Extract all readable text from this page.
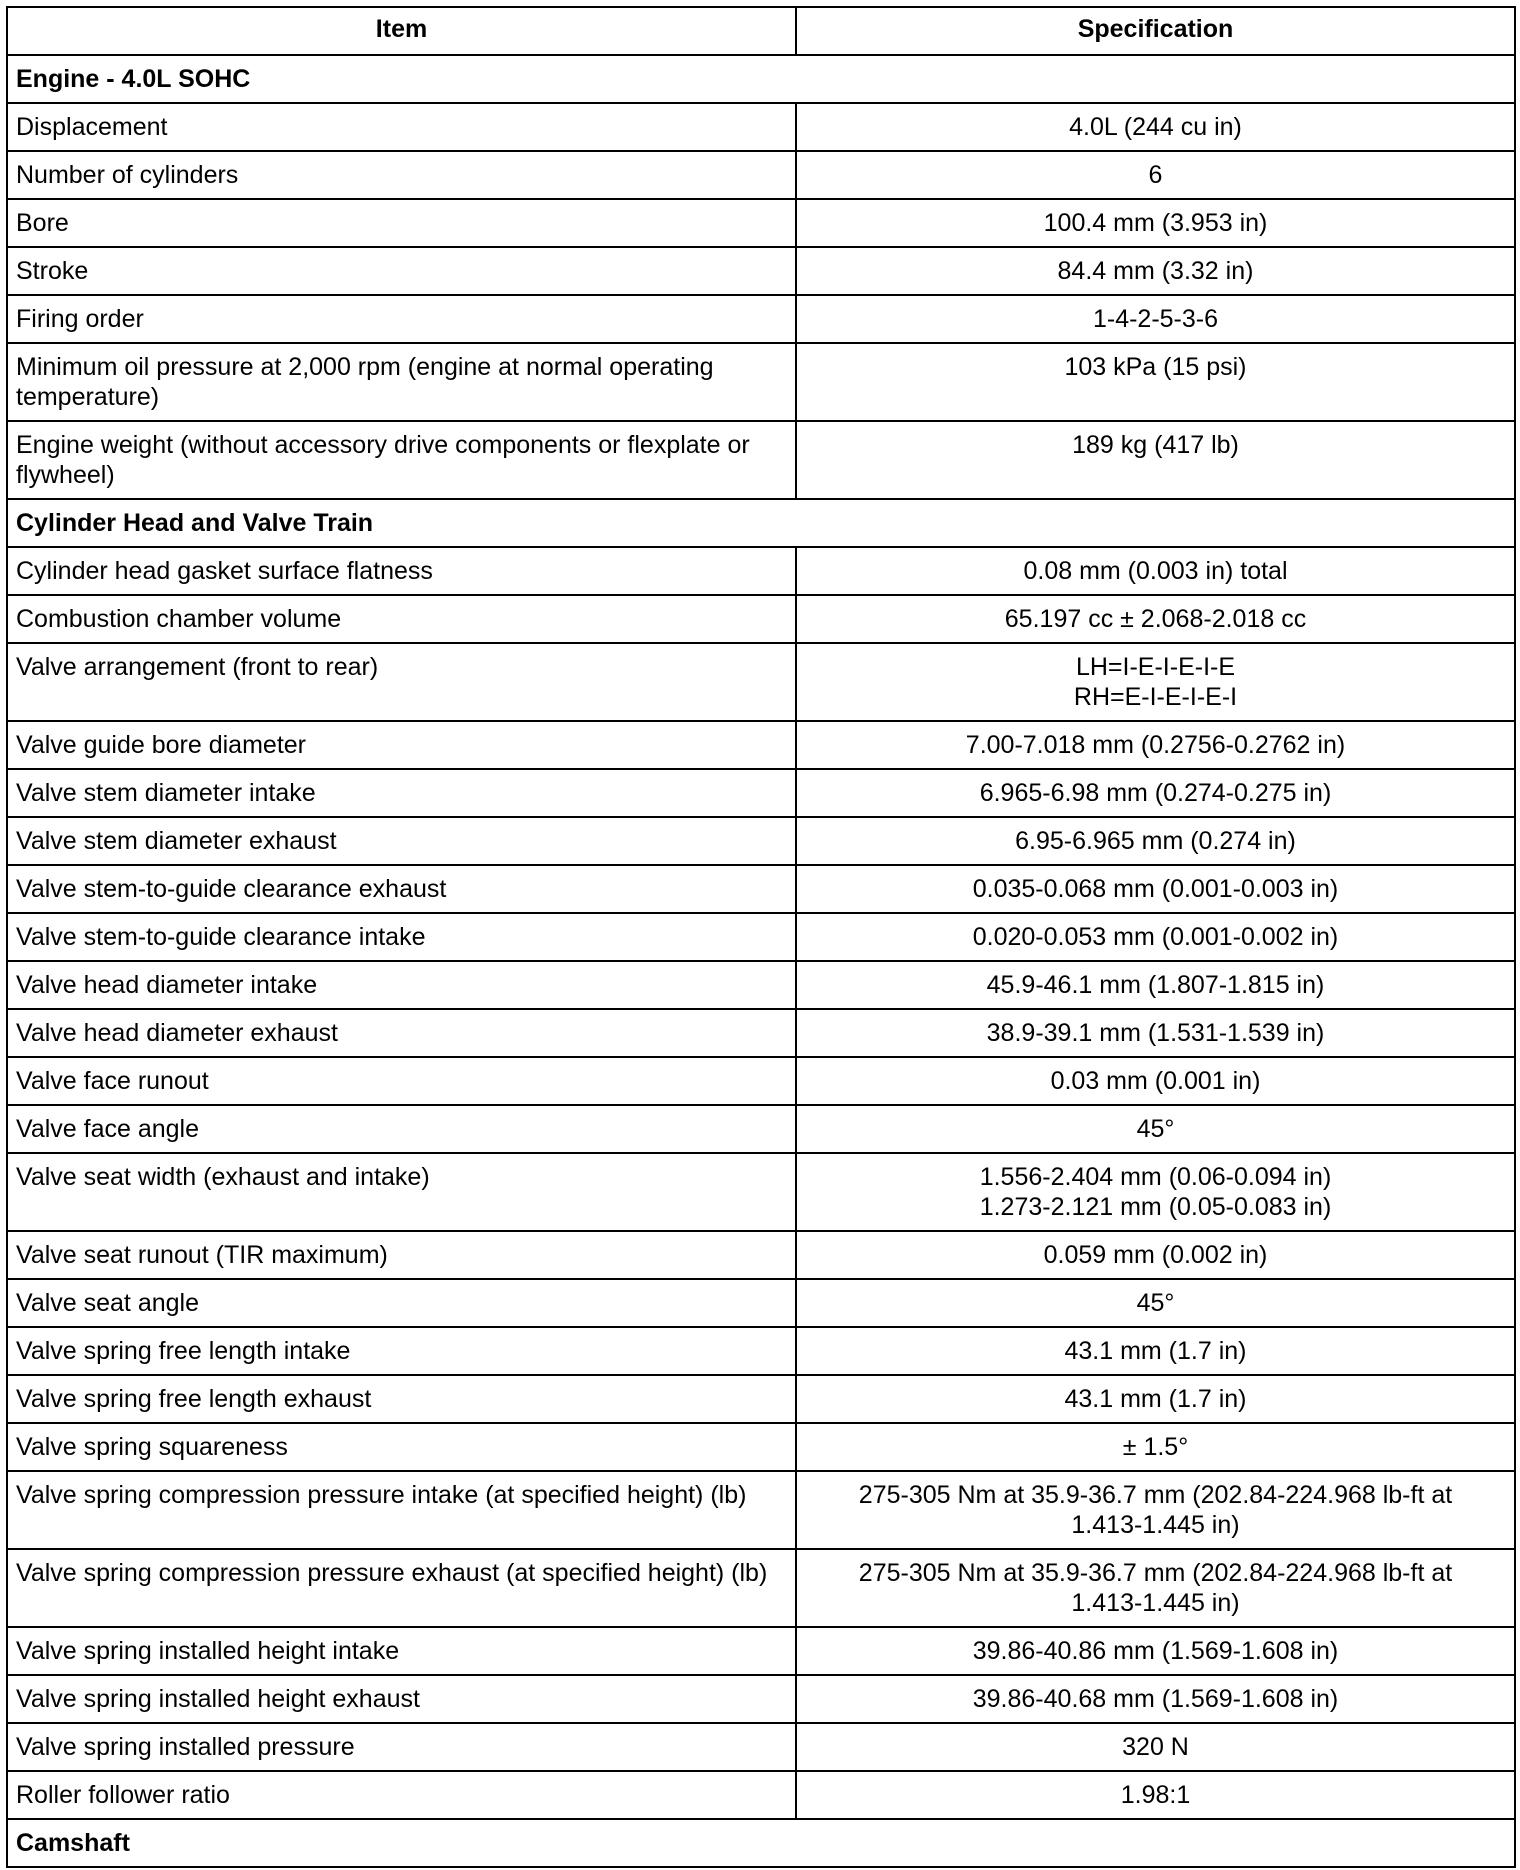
Item	Specification
Engine - 4.0L SOHC	
Displacement	4.0L (244 cu in)

Number of cylinders	6

Bore	100.4 mm (3.953 in)

Stroke	84.4 mm (3.32 in)

Firing order	1-4-2-5-3-6

Minimum oil pressure at 2,000 rpm (engine at normal operating temperature)	103 kPa (15 psi)

Engine weight (without accessory drive components or flexplate or flywheel)	189 kg (417 lb)

Cylinder Head and Valve Train	
Cylinder head gasket surface flatness	0.08 mm (0.003 in) total

Combustion chamber volume	65.197 cc ± 2.068-2.018 cc

Valve arrangement (front to rear)	LH=I-E-I-E-I-E
RH=E-I-E-I-E-I

Valve guide bore diameter	7.00-7.018 mm (0.2756-0.2762 in)

Valve stem diameter intake	6.965-6.98 mm (0.274-0.275 in)

Valve stem diameter exhaust	6.95-6.965 mm (0.274 in)

Valve stem-to-guide clearance exhaust	0.035-0.068 mm (0.001-0.003 in)

Valve stem-to-guide clearance intake	0.020-0.053 mm (0.001-0.002 in)

Valve head diameter intake	45.9-46.1 mm (1.807-1.815 in)

Valve head diameter exhaust	38.9-39.1 mm (1.531-1.539 in)

Valve face runout	0.03 mm (0.001 in)

Valve face angle	45°

Valve seat width (exhaust and intake)	1.556-2.404 mm (0.06-0.094 in)
1.273-2.121 mm (0.05-0.083 in)

Valve seat runout (TIR maximum)	0.059 mm (0.002 in)

Valve seat angle	45°

Valve spring free length intake	43.1 mm (1.7 in)

Valve spring free length exhaust	43.1 mm (1.7 in)

Valve spring squareness	± 1.5°

Valve spring compression pressure intake (at specified height) (lb)	275-305 Nm at 35.9-36.7 mm (202.84-224.968 lb-ft at
1.413-1.445 in)

Valve spring compression pressure exhaust (at specified height) (lb)	275-305 Nm at 35.9-36.7 mm (202.84-224.968 lb-ft at
1.413-1.445 in)

Valve spring installed height intake	39.86-40.86 mm (1.569-1.608 in)

Valve spring installed height exhaust	39.86-40.68 mm (1.569-1.608 in)

Valve spring installed pressure	320 N

Roller follower ratio	1.98:1

Camshaft	
